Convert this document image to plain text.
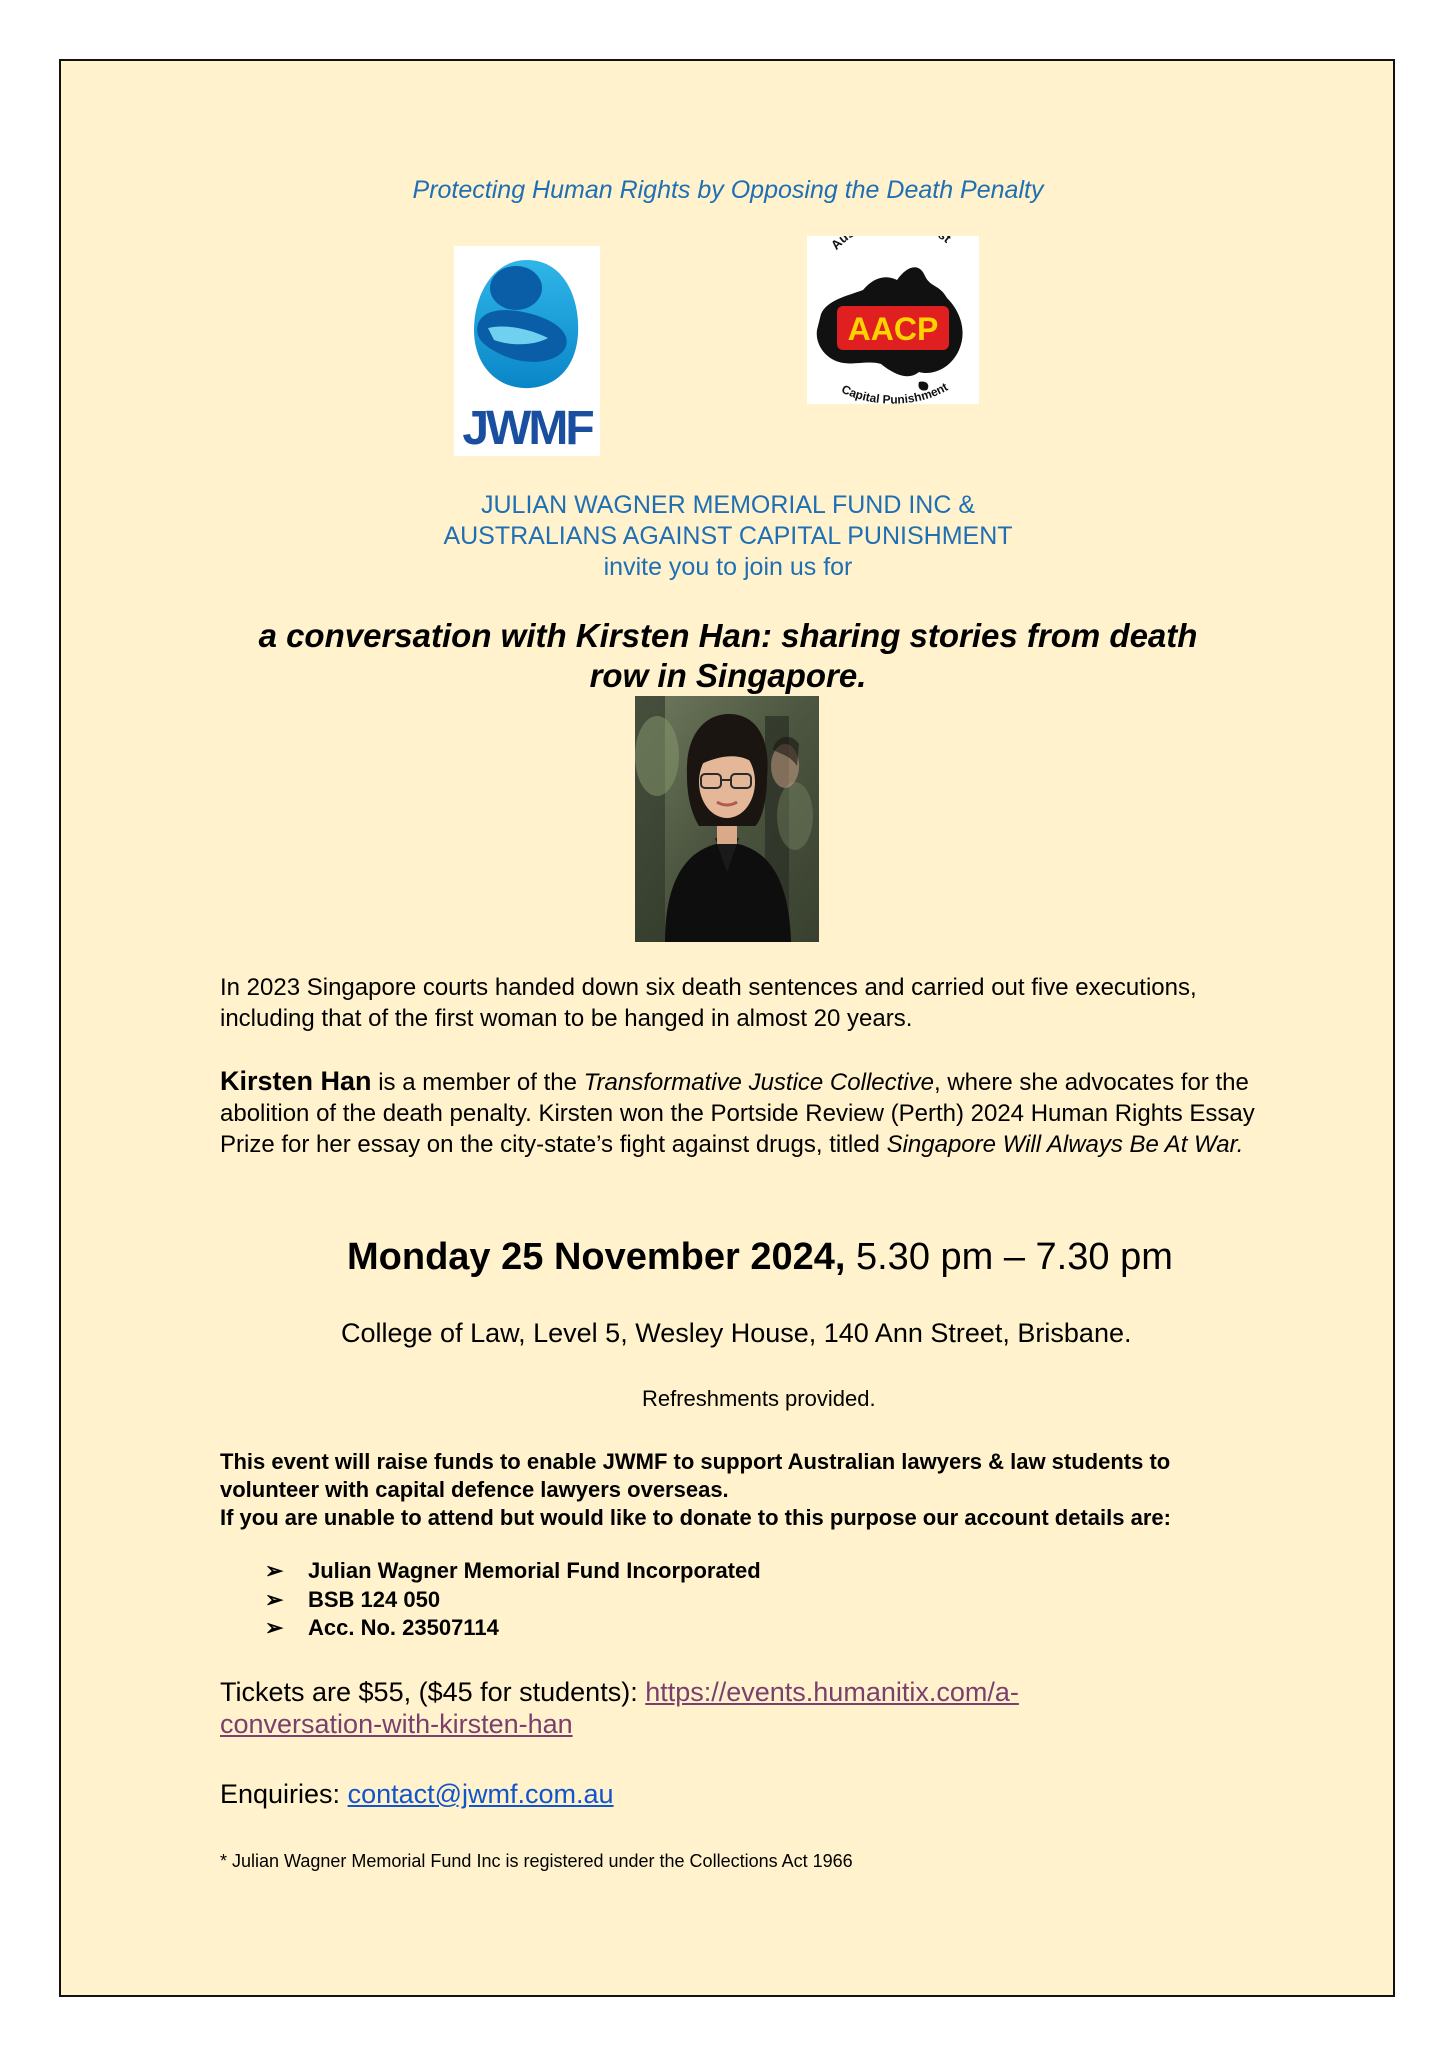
Protecting Human Rights by Opposing the Death Penalty
JWMF
Au t
AACP
Capital Punishment
JULIAN WAGNER MEMORIAL FUND INC &
AUSTRALIANS AGAINST CAPITAL PUNISHMENT
invite you to join us for
a conversation with Kirsten Han: sharing stories from death
row in Singapore.
In 2023 Singapore courts handed down six death sentences and carried out five executions, including that of the first woman to be hanged in almost 20 years.
Kirsten Han is a member of the Transformative Justice Collective, where she advocates for the abolition of the death penalty. Kirsten won the Portside Review (Perth) 2024 Human Rights Essay Prize for her essay on the city-state’s fight against drugs, titled Singapore Will Always Be At War.
Monday 25 November 2024, 5.30 pm – 7.30 pm
College of Law, Level 5, Wesley House, 140 Ann Street, Brisbane.
Refreshments provided.
This event will raise funds to enable JWMF to support Australian lawyers & law students to volunteer with capital defence lawyers overseas.
If you are unable to attend but would like to donate to this purpose our account details are:
➢ Julian Wagner Memorial Fund Incorporated
➢ BSB 124 050
➢ Acc. No. 23507114
Tickets are $55, ($45 for students): https://events.humanitix.com/a-
conversation-with-kirsten-han
Enquiries: contact@jwmf.com.au
* Julian Wagner Memorial Fund Inc is registered under the Collections Act 1966
